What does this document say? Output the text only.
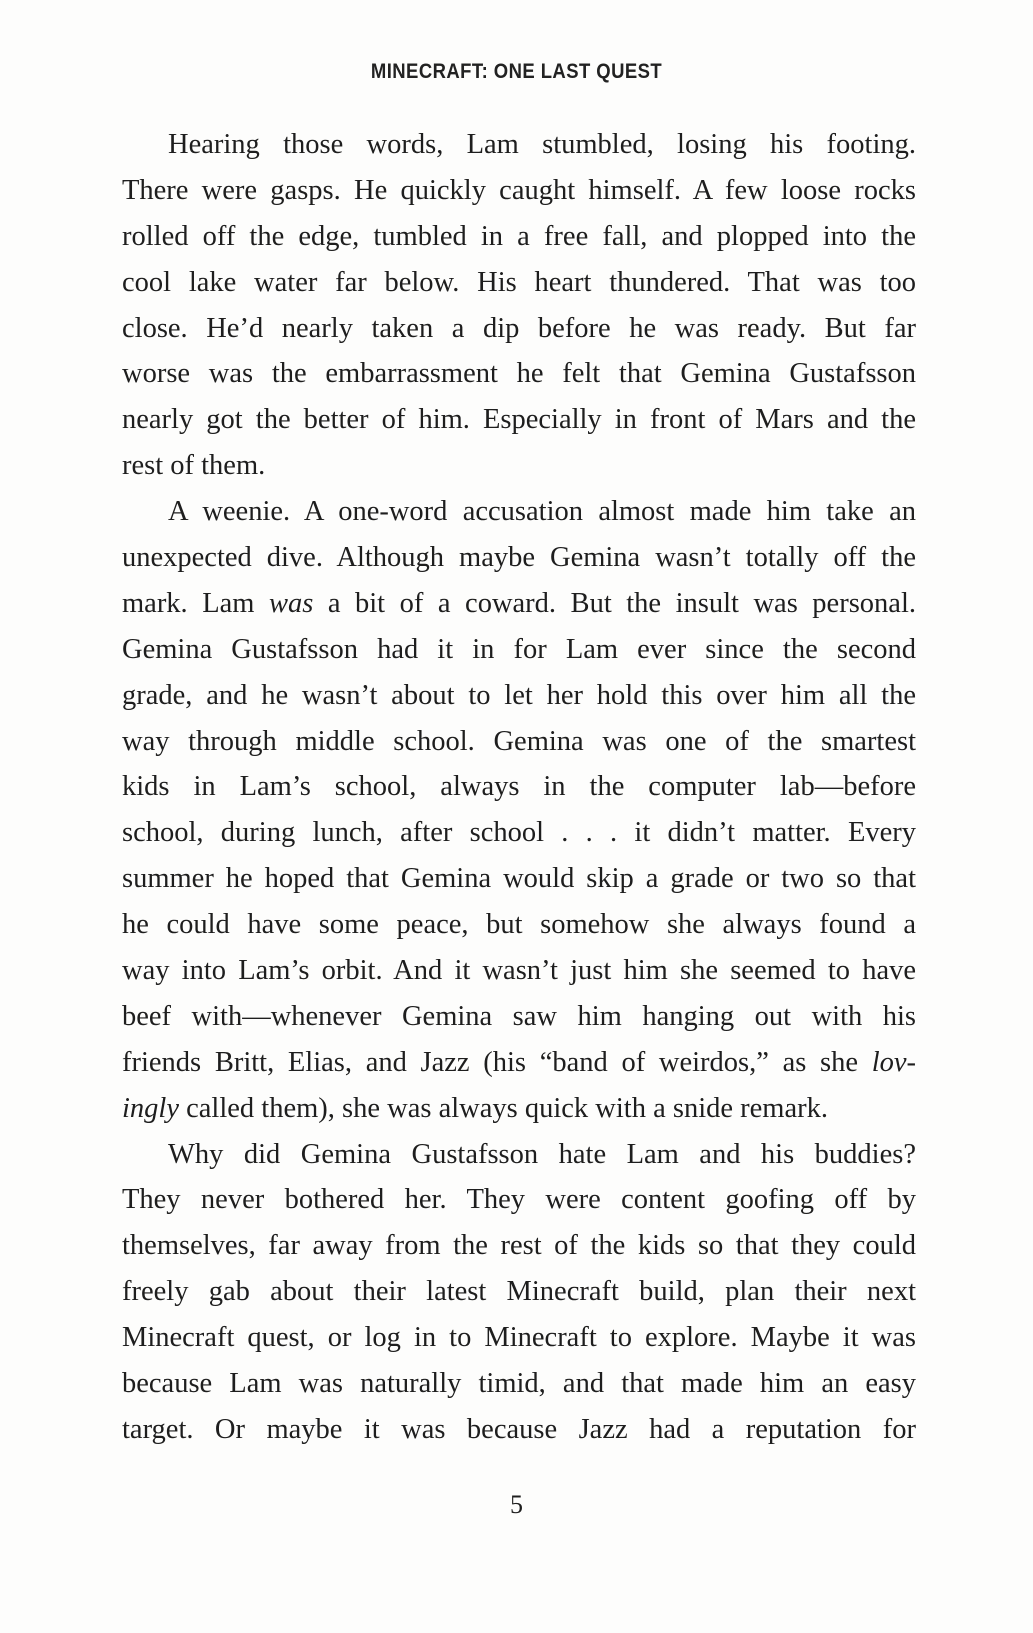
MINECRAFT: ONE LAST QUEST
Hearing those words, Lam stumbled, losing his footing.
There were gasps. He quickly caught himself. A few loose rocks
rolled off the edge, tumbled in a free fall, and plopped into the
cool lake water far below. His heart thundered. That was too
close. He’d nearly taken a dip before he was ready. But far
worse was the embarrassment he felt that Gemina Gustafsson
nearly got the better of him. Especially in front of Mars and the
rest of them.
A weenie. A one-word accusation almost made him take an
unexpected dive. Although maybe Gemina wasn’t totally off the
mark. Lam was a bit of a coward. But the insult was personal.
Gemina Gustafsson had it in for Lam ever since the second
grade, and he wasn’t about to let her hold this over him all the
way through middle school. Gemina was one of the smartest
kids in Lam’s school, always in the computer lab—before
school, during lunch, after school . . . it didn’t matter. Every
summer he hoped that Gemina would skip a grade or two so that
he could have some peace, but somehow she always found a
way into Lam’s orbit. And it wasn’t just him she seemed to have
beef with—whenever Gemina saw him hanging out with his
friends Britt, Elias, and Jazz (his “band of weirdos,” as she lov-
ingly called them), she was always quick with a snide remark.
Why did Gemina Gustafsson hate Lam and his buddies?
They never bothered her. They were content goofing off by
themselves, far away from the rest of the kids so that they could
freely gab about their latest Minecraft build, plan their next
Minecraft quest, or log in to Minecraft to explore. Maybe it was
because Lam was naturally timid, and that made him an easy
target. Or maybe it was because Jazz had a reputation for
5
